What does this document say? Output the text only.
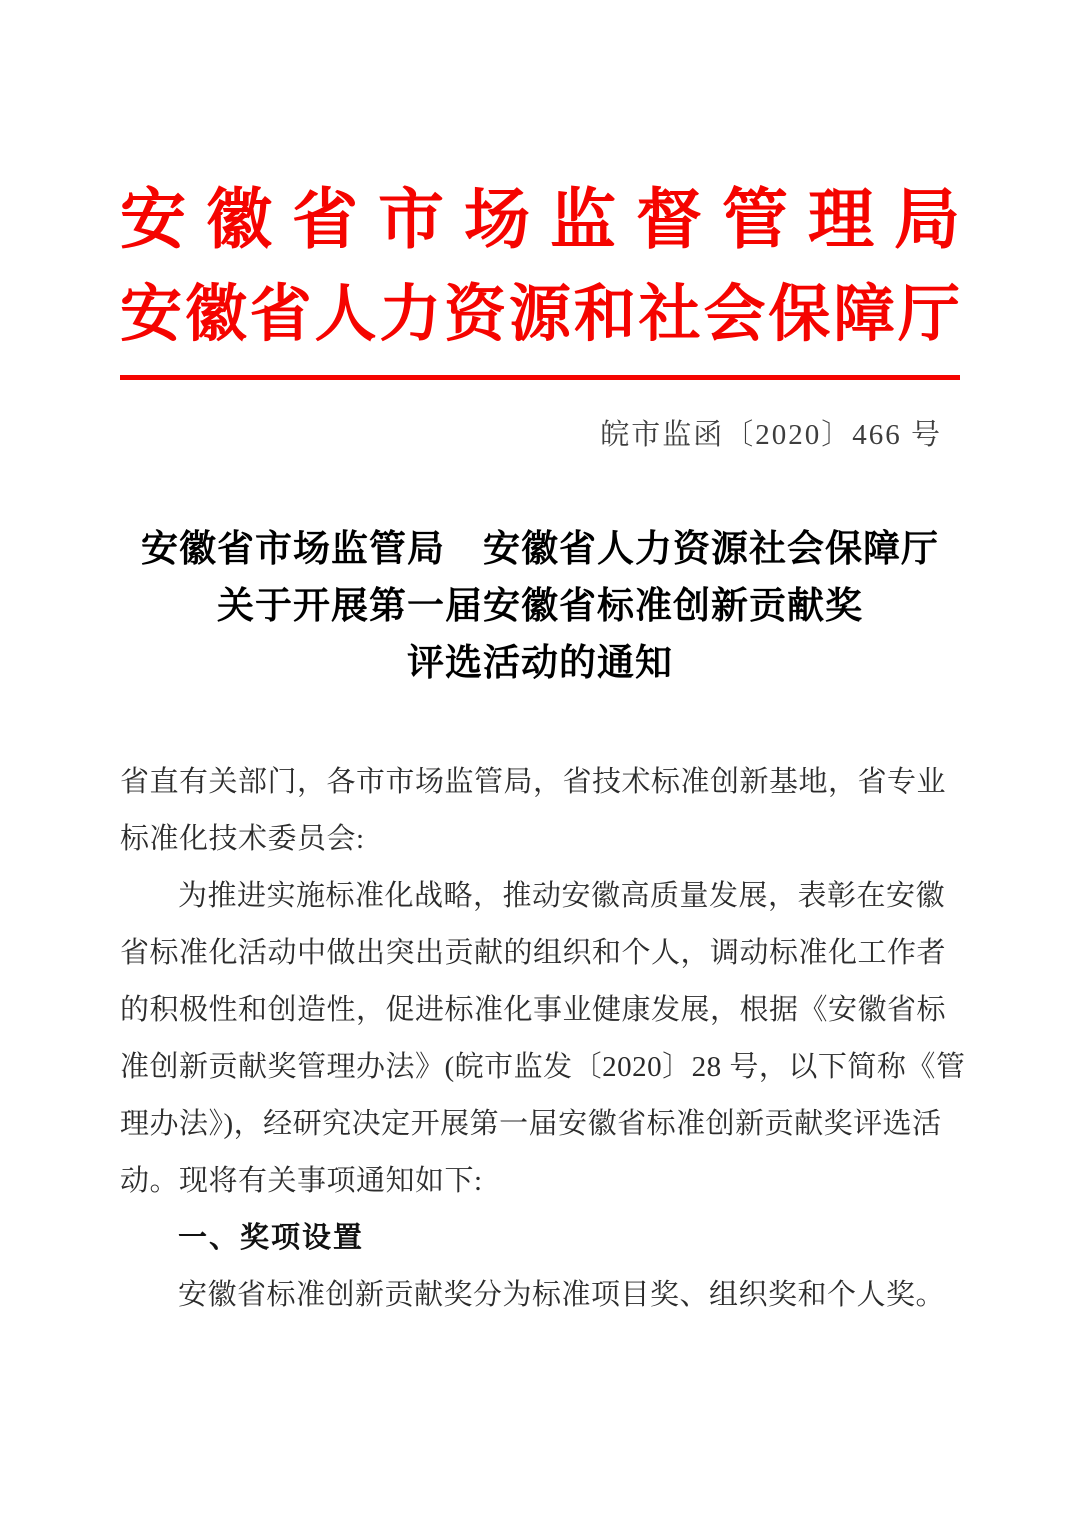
安 徽 省 市 场 监 督 管 理 局
安 徽 省 人 力 资 源 和 社 会 保 障 厅
皖市监函〔2020〕466 号
安徽省市场监管局　安徽省人力资源社会保障厅
关于开展第一届安徽省标准创新贡献奖
评选活动的通知
省直有关部门，各市市场监管局，省技术标准创新基地，省专业
标准化技术委员会:
为推进实施标准化战略，推动安徽高质量发展，表彰在安徽
省标准化活动中做出突出贡献的组织和个人，调动标准化工作者
的积极性和创造性，促进标准化事业健康发展，根据《安徽省标
准创新贡献奖管理办法》(皖市监发〔2020〕28 号，以下简称《管
理办法》)，经研究决定开展第一届安徽省标准创新贡献奖评选活
动。现将有关事项通知如下:
一、奖项设置
安徽省标准创新贡献奖分为标准项目奖、组织奖和个人奖。
